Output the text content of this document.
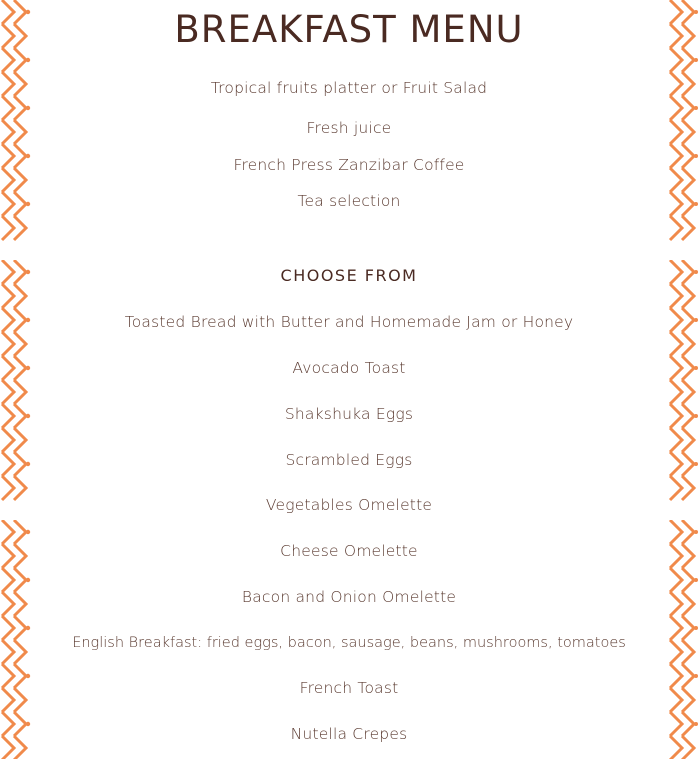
BREAKFAST MENU
Tropical fruits platter or Fruit Salad
Fresh juice
French Press Zanzibar Coffee
Tea selection
CHOOSE FROM
Toasted Bread with Butter and Homemade Jam or Honey
Avocado Toast
Shakshuka Eggs
Scrambled Eggs
Vegetables Omelette
Cheese Omelette
Bacon and Onion Omelette
English Breakfast: fried eggs, bacon, sausage, beans, mushrooms, tomatoes
French Toast
Nutella Crepes
